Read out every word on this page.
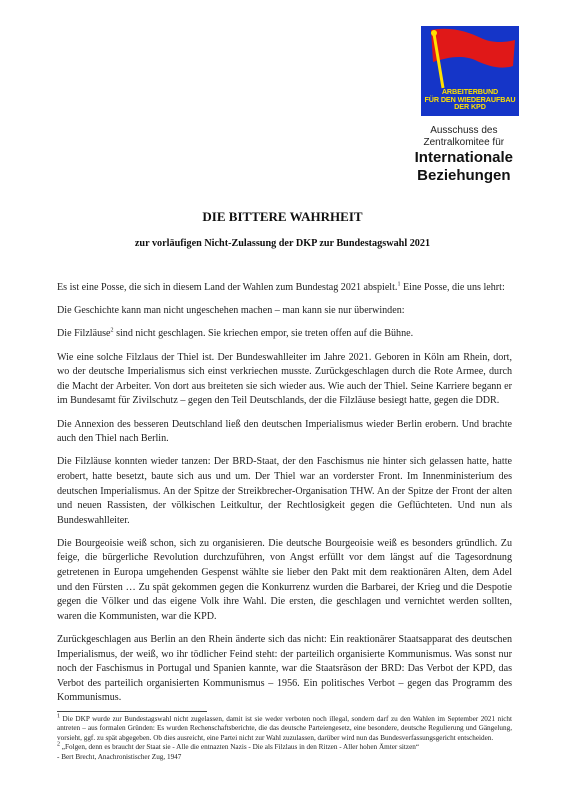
ARBEITERBUND
FÜR DEN WIEDERAUFBAU
DER KPD
Ausschuss des
Zentralkomitee für
Internationale
Beziehungen
DIE BITTERE WAHRHEIT
zur vorläufigen Nicht-Zulassung der DKP zur Bundestagswahl 2021

Es ist eine Posse, die sich in diesem Land der Wahlen zum Bundestag 2021 abspielt.$^1$ Eine Posse, die uns lehrt:

Die Geschichte kann man nicht ungeschehen machen – man kann sie nur überwinden:

Die Filzläuse$^2$ sind nicht geschlagen. Sie kriechen empor, sie treten offen auf die Bühne.

Wie eine solche Filzlaus der Thiel ist. Der Bundeswahlleiter im Jahre 2021. Geboren in Köln am Rhein, dort, wo der deutsche Imperialismus sich einst verkriechen musste. Zurückgeschlagen durch die Rote Armee, durch die Macht der Arbeiter. Von dort aus breiteten sie sich wieder aus. Wie auch der Thiel. Seine Karriere begann er im Bundesamt für Zivilschutz – gegen den Teil Deutschlands, der die Filzläuse besiegt hatte, gegen die DDR.

Die Annexion des besseren Deutschland ließ den deutschen Imperialismus wieder Berlin erobern. Und brachte auch den Thiel nach Berlin.

Die Filzläuse konnten wieder tanzen: Der BRD-Staat, der den Faschismus nie hinter sich gelassen hatte, hatte erobert, hatte besetzt, baute sich aus und um. Der Thiel war an vorderster Front. Im Innenministerium des deutschen Imperialismus. An der Spitze der Streikbrecher-Organisation THW. An der Spitze der Front der alten und neuen Rassisten, der völkischen Leitkultur, der Rechtlosigkeit gegen die Geflüchteten. Und nun als Bundeswahlleiter.

Die Bourgeoisie weiß schon, sich zu organisieren. Die deutsche Bourgeoisie weiß es besonders gründlich. Zu feige, die bürgerliche Revolution durchzuführen, von Angst erfüllt vor dem längst auf die Tagesordnung getretenen in Europa umgehenden Gespenst wählte sie lieber den Pakt mit dem reaktionären Alten, dem Adel und den Fürsten … Zu spät gekommen gegen die Konkurrenz wurden die Barbarei, der Krieg und die Despotie gegen die Völker und das eigene Volk ihre Wahl. Die ersten, die geschlagen und vernichtet werden sollten, waren die Kommunisten, war die KPD.

Zurückgeschlagen aus Berlin an den Rhein änderte sich das nicht: Ein reaktionärer Staatsapparat des deutschen Imperialismus, der weiß, wo ihr tödlicher Feind steht: der parteilich organisierte Kommunismus. Was sonst nur noch der Faschismus in Portugal und Spanien kannte, war die Staatsräson der BRD: Das Verbot der KPD, das Verbot des parteilich organisierten Kommunismus – 1956. Ein politisches Verbot – gegen das Programm des Kommunismus.

$^1$ Die DKP wurde zur Bundestagswahl nicht zugelassen, damit ist sie weder verboten noch illegal, sondern darf zu den Wahlen im September 2021 nicht antreten – aus formalen Gründen: Es wurden Rechenschaftsberichte, die das deutsche Parteiengesetz, eine besondere, deutsche Regulierung und Gängelung, vorsieht, ggf. zu spät abgegeben. Ob dies ausreicht, eine Partei nicht zur Wahl zuzulassen, darüber wird nun das Bundesverfassungsgericht entscheiden.

$^2$ „Folgen, denn es braucht der Staat sie - Alle die entnazten Nazis - Die als Filzlaus in den Ritzen - Aller hohen Ämter sitzen“

- Bert Brecht, Anachronistischer Zug, 1947
